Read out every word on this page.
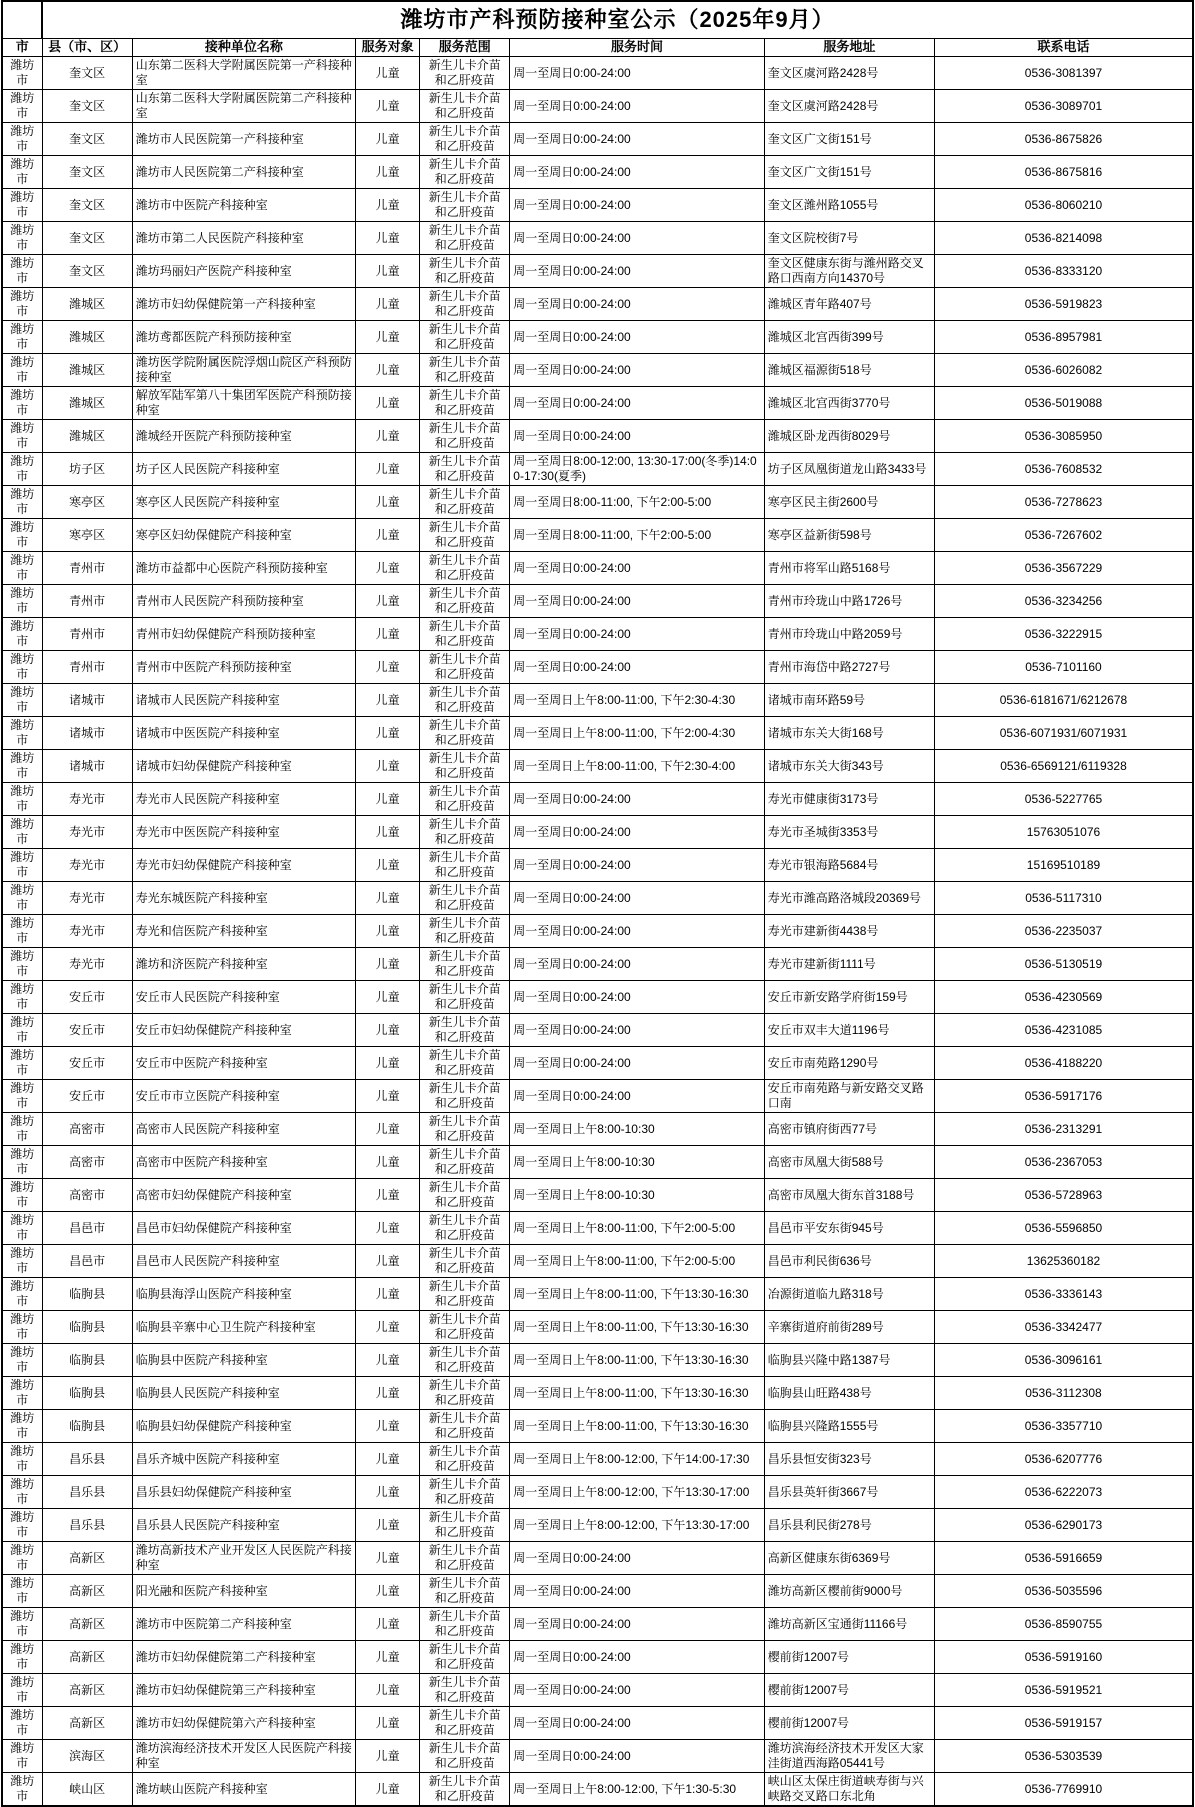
	潍坊市产科预防接种室公示（2025年9月）						
市	县（市、区）	接种单位名称	服务对象	服务范围	服务时间	服务地址	联系电话
潍坊市	奎文区	山东第二医科大学附属医院第一产科接种室	儿童	新生儿卡介苗和乙肝疫苗	周一至周日0:00-24:00	奎文区虞河路2428号	0536-3081397
潍坊市	奎文区	山东第二医科大学附属医院第二产科接种室	儿童	新生儿卡介苗和乙肝疫苗	周一至周日0:00-24:00	奎文区虞河路2428号	0536-3089701
潍坊市	奎文区	潍坊市人民医院第一产科接种室	儿童	新生儿卡介苗和乙肝疫苗	周一至周日0:00-24:00	奎文区广文街151号	0536-8675826
潍坊市	奎文区	潍坊市人民医院第二产科接种室	儿童	新生儿卡介苗和乙肝疫苗	周一至周日0:00-24:00	奎文区广文街151号	0536-8675816
潍坊市	奎文区	潍坊市中医院产科接种室	儿童	新生儿卡介苗和乙肝疫苗	周一至周日0:00-24:00	奎文区潍州路1055号	0536-8060210
潍坊市	奎文区	潍坊市第二人民医院产科接种室	儿童	新生儿卡介苗和乙肝疫苗	周一至周日0:00-24:00	奎文区院校街7号	0536-8214098
潍坊市	奎文区	潍坊玛丽妇产医院产科接种室	儿童	新生儿卡介苗和乙肝疫苗	周一至周日0:00-24:00	奎文区健康东街与潍州路交叉路口西南方向14370号	0536-8333120
潍坊市	潍城区	潍坊市妇幼保健院第一产科接种室	儿童	新生儿卡介苗和乙肝疫苗	周一至周日0:00-24:00	潍城区青年路407号	0536-5919823
潍坊市	潍城区	潍坊鸢都医院产科预防接种室	儿童	新生儿卡介苗和乙肝疫苗	周一至周日0:00-24:00	潍城区北宫西街399号	0536-8957981
潍坊市	潍城区	潍坊医学院附属医院浮烟山院区产科预防接种室	儿童	新生儿卡介苗和乙肝疫苗	周一至周日0:00-24:00	潍城区福源街518号	0536-6026082
潍坊市	潍城区	解放军陆军第八十集团军医院产科预防接种室	儿童	新生儿卡介苗和乙肝疫苗	周一至周日0:00-24:00	潍城区北宫西街3770号	0536-5019088
潍坊市	潍城区	潍城经开医院产科预防接种室	儿童	新生儿卡介苗和乙肝疫苗	周一至周日0:00-24:00	潍城区卧龙西街8029号	0536-3085950
潍坊市	坊子区	坊子区人民医院产科接种室	儿童	新生儿卡介苗和乙肝疫苗	周一至周日8:00-12:00, 13:30-17:00(冬季)14:00-17:30(夏季)	坊子区凤凰街道龙山路3433号	0536-7608532
潍坊市	寒亭区	寒亭区人民医院产科接种室	儿童	新生儿卡介苗和乙肝疫苗	周一至周日8:00-11:00, 下午2:00-5:00	寒亭区民主街2600号	0536-7278623
潍坊市	寒亭区	寒亭区妇幼保健院产科接种室	儿童	新生儿卡介苗和乙肝疫苗	周一至周日8:00-11:00, 下午2:00-5:00	寒亭区益新街598号	0536-7267602
潍坊市	青州市	潍坊市益都中心医院产科预防接种室	儿童	新生儿卡介苗和乙肝疫苗	周一至周日0:00-24:00	青州市将军山路5168号	0536-3567229
潍坊市	青州市	青州市人民医院产科预防接种室	儿童	新生儿卡介苗和乙肝疫苗	周一至周日0:00-24:00	青州市玲珑山中路1726号	0536-3234256
潍坊市	青州市	青州市妇幼保健院产科预防接种室	儿童	新生儿卡介苗和乙肝疫苗	周一至周日0:00-24:00	青州市玲珑山中路2059号	0536-3222915
潍坊市	青州市	青州市中医院产科预防接种室	儿童	新生儿卡介苗和乙肝疫苗	周一至周日0:00-24:00	青州市海岱中路2727号	0536-7101160
潍坊市	诸城市	诸城市人民医院产科接种室	儿童	新生儿卡介苗和乙肝疫苗	周一至周日上午8:00-11:00, 下午2:30-4:30	诸城市南环路59号	0536-6181671/6212678
潍坊市	诸城市	诸城市中医医院产科接种室	儿童	新生儿卡介苗和乙肝疫苗	周一至周日上午8:00-11:00, 下午2:00-4:30	诸城市东关大街168号	0536-6071931/6071931
潍坊市	诸城市	诸城市妇幼保健院产科接种室	儿童	新生儿卡介苗和乙肝疫苗	周一至周日上午8:00-11:00, 下午2:30-4:00	诸城市东关大街343号	0536-6569121/6119328
潍坊市	寿光市	寿光市人民医院产科接种室	儿童	新生儿卡介苗和乙肝疫苗	周一至周日0:00-24:00	寿光市健康街3173号	0536-5227765
潍坊市	寿光市	寿光市中医医院产科接种室	儿童	新生儿卡介苗和乙肝疫苗	周一至周日0:00-24:00	寿光市圣城街3353号	15763051076
潍坊市	寿光市	寿光市妇幼保健院产科接种室	儿童	新生儿卡介苗和乙肝疫苗	周一至周日0:00-24:00	寿光市银海路5684号	15169510189
潍坊市	寿光市	寿光东城医院产科接种室	儿童	新生儿卡介苗和乙肝疫苗	周一至周日0:00-24:00	寿光市潍高路洛城段20369号	0536-5117310
潍坊市	寿光市	寿光和信医院产科接种室	儿童	新生儿卡介苗和乙肝疫苗	周一至周日0:00-24:00	寿光市建新街4438号	0536-2235037
潍坊市	寿光市	潍坊和济医院产科接种室	儿童	新生儿卡介苗和乙肝疫苗	周一至周日0:00-24:00	寿光市建新街1111号	0536-5130519
潍坊市	安丘市	安丘市人民医院产科接种室	儿童	新生儿卡介苗和乙肝疫苗	周一至周日0:00-24:00	安丘市新安路学府街159号	0536-4230569
潍坊市	安丘市	安丘市妇幼保健院产科接种室	儿童	新生儿卡介苗和乙肝疫苗	周一至周日0:00-24:00	安丘市双丰大道1196号	0536-4231085
潍坊市	安丘市	安丘市中医院产科接种室	儿童	新生儿卡介苗和乙肝疫苗	周一至周日0:00-24:00	安丘市南苑路1290号	0536-4188220
潍坊市	安丘市	安丘市市立医院产科接种室	儿童	新生儿卡介苗和乙肝疫苗	周一至周日0:00-24:00	安丘市南苑路与新安路交叉路口南	0536-5917176
潍坊市	高密市	高密市人民医院产科接种室	儿童	新生儿卡介苗和乙肝疫苗	周一至周日上午8:00-10:30	高密市镇府街西77号	0536-2313291
潍坊市	高密市	高密市中医院产科接种室	儿童	新生儿卡介苗和乙肝疫苗	周一至周日上午8:00-10:30	高密市凤凰大街588号	0536-2367053
潍坊市	高密市	高密市妇幼保健院产科接种室	儿童	新生儿卡介苗和乙肝疫苗	周一至周日上午8:00-10:30	高密市凤凰大街东首3188号	0536-5728963
潍坊市	昌邑市	昌邑市妇幼保健院产科接种室	儿童	新生儿卡介苗和乙肝疫苗	周一至周日上午8:00-11:00, 下午2:00-5:00	昌邑市平安东街945号	0536-5596850
潍坊市	昌邑市	昌邑市人民医院产科接种室	儿童	新生儿卡介苗和乙肝疫苗	周一至周日上午8:00-11:00, 下午2:00-5:00	昌邑市利民街636号	13625360182
潍坊市	临朐县	临朐县海浮山医院产科接种室	儿童	新生儿卡介苗和乙肝疫苗	周一至周日上午8:00-11:00, 下午13:30-16:30	冶源街道临九路318号	0536-3336143
潍坊市	临朐县	临朐县辛寨中心卫生院产科接种室	儿童	新生儿卡介苗和乙肝疫苗	周一至周日上午8:00-11:00, 下午13:30-16:30	辛寨街道府前街289号	0536-3342477
潍坊市	临朐县	临朐县中医院产科接种室	儿童	新生儿卡介苗和乙肝疫苗	周一至周日上午8:00-11:00, 下午13:30-16:30	临朐县兴隆中路1387号	0536-3096161
潍坊市	临朐县	临朐县人民医院产科接种室	儿童	新生儿卡介苗和乙肝疫苗	周一至周日上午8:00-11:00, 下午13:30-16:30	临朐县山旺路438号	0536-3112308
潍坊市	临朐县	临朐县妇幼保健院产科接种室	儿童	新生儿卡介苗和乙肝疫苗	周一至周日上午8:00-11:00, 下午13:30-16:30	临朐县兴隆路1555号	0536-3357710
潍坊市	昌乐县	昌乐齐城中医院产科接种室	儿童	新生儿卡介苗和乙肝疫苗	周一至周日上午8:00-12:00, 下午14:00-17:30	昌乐县恒安街323号	0536-6207776
潍坊市	昌乐县	昌乐县妇幼保健院产科接种室	儿童	新生儿卡介苗和乙肝疫苗	周一至周日上午8:00-12:00, 下午13:30-17:00	昌乐县英轩街3667号	0536-6222073
潍坊市	昌乐县	昌乐县人民医院产科接种室	儿童	新生儿卡介苗和乙肝疫苗	周一至周日上午8:00-12:00, 下午13:30-17:00	昌乐县利民街278号	0536-6290173
潍坊市	高新区	潍坊高新技术产业开发区人民医院产科接种室	儿童	新生儿卡介苗和乙肝疫苗	周一至周日0:00-24:00	高新区健康东街6369号	0536-5916659
潍坊市	高新区	阳光融和医院产科接种室	儿童	新生儿卡介苗和乙肝疫苗	周一至周日0:00-24:00	潍坊高新区樱前街9000号	0536-5035596
潍坊市	高新区	潍坊市中医院第二产科接种室	儿童	新生儿卡介苗和乙肝疫苗	周一至周日0:00-24:00	潍坊高新区宝通街11166号	0536-8590755
潍坊市	高新区	潍坊市妇幼保健院第二产科接种室	儿童	新生儿卡介苗和乙肝疫苗	周一至周日0:00-24:00	樱前街12007号	0536-5919160
潍坊市	高新区	潍坊市妇幼保健院第三产科接种室	儿童	新生儿卡介苗和乙肝疫苗	周一至周日0:00-24:00	樱前街12007号	0536-5919521
潍坊市	高新区	潍坊市妇幼保健院第六产科接种室	儿童	新生儿卡介苗和乙肝疫苗	周一至周日0:00-24:00	樱前街12007号	0536-5919157
潍坊市	滨海区	潍坊滨海经济技术开发区人民医院产科接种室	儿童	新生儿卡介苗和乙肝疫苗	周一至周日0:00-24:00	潍坊滨海经济技术开发区大家洼街道西海路05441号	0536-5303539
潍坊市	峡山区	潍坊峡山医院产科接种室	儿童	新生儿卡介苗和乙肝疫苗	周一至周日上午8:00-12:00, 下午1:30-5:30	峡山区太保庄街道峡寿街与兴峡路交叉路口东北角	0536-7769910
